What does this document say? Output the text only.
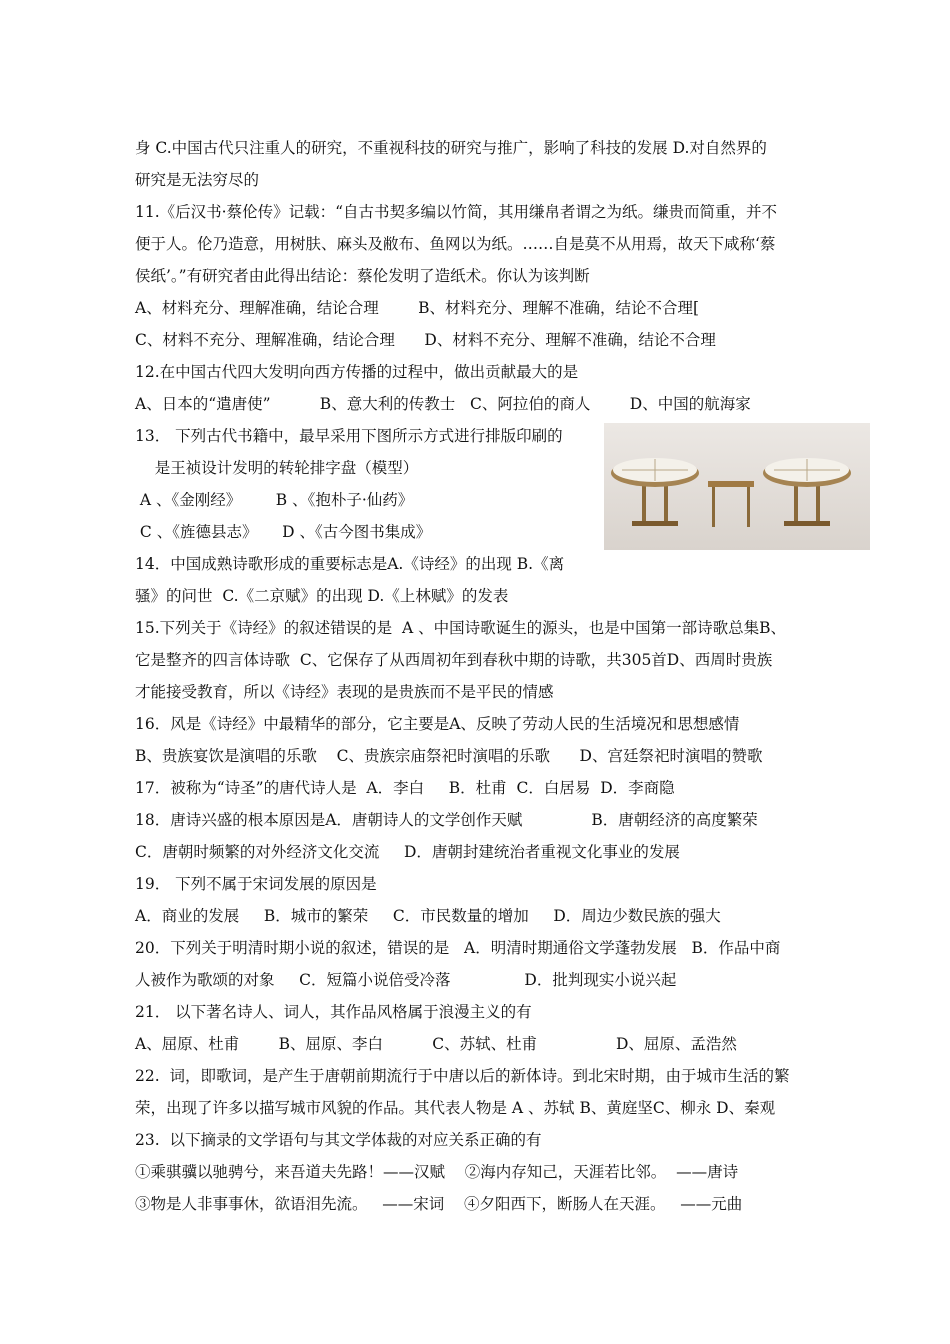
身 C.中国古代只注重人的研究，不重视科技的研究与推广，影响了科技的发展 D.对自然界的
研究是无法穷尽的
11.《后汉书·蔡伦传》记载：“自古书契多编以竹简，其用缣帛者谓之为纸。缣贵而简重，并不
便于人。伦乃造意，用树肤、麻头及敝布、鱼网以为纸。……自是莫不从用焉，故天下咸称‘蔡
侯纸’。”有研究者由此得出结论：蔡伦发明了造纸术。你认为该判断
A、材料充分、理解准确，结论合理        B、材料充分、理解不准确，结论不合理[
C、材料不充分、理解准确，结论合理      D、材料不充分、理解不准确，结论不合理
12.在中国古代四大发明向西方传播的过程中，做出贡献最大的是
A、日本的“遣唐使”          B、意大利的传教士   C、阿拉伯的商人        D、中国的航海家
13． 下列古代书籍中，最早采用下图所示方式进行排版印刷的
是王祯设计发明的转轮排字盘（模型）
A 、《金刚经》       B 、《抱朴子·仙药》
C 、《旌德县志》     D 、《古今图书集成》
14．中国成熟诗歌形成的重要标志是A.《诗经》的出现 B.《离
骚》的问世  C.《二京赋》的出现 D.《上林赋》的发表
15.下列关于《诗经》的叙述错误的是  A 、中国诗歌诞生的源头，也是中国第一部诗歌总集B、
它是整齐的四言体诗歌  C、它保存了从西周初年到春秋中期的诗歌，共305首D、西周时贵族
才能接受教育，所以《诗经》表现的是贵族而不是平民的情感
16．风是《诗经》中最精华的部分，它主要是A、反映了劳动人民的生活境况和思想感情
B、贵族宴饮是演唱的乐歌    C、贵族宗庙祭祀时演唱的乐歌      D、宫廷祭祀时演唱的赞歌
17．被称为“诗圣”的唐代诗人是  A．李白     B．杜甫  C．白居易  D．李商隐
18．唐诗兴盛的根本原因是A．唐朝诗人的文学创作天赋              B．唐朝经济的高度繁荣
C．唐朝时频繁的对外经济文化交流     D．唐朝封建统治者重视文化事业的发展
19． 下列不属于宋词发展的原因是
A．商业的发展     B．城市的繁荣     C．市民数量的增加     D．周边少数民族的强大
20．下列关于明清时期小说的叙述，错误的是   A．明清时期通俗文学蓬勃发展   B．作品中商
人被作为歌颂的对象     C．短篇小说倍受冷落               D．批判现实小说兴起
21． 以下著名诗人、词人，其作品风格属于浪漫主义的有
A、屈原、杜甫        B、屈原、李白          C、苏轼、杜甫                D、屈原、孟浩然
22.  词，即歌词，是产生于唐朝前期流行于中唐以后的新体诗。到北宋时期，由于城市生活的繁
荣，出现了许多以描写城市风貌的作品。其代表人物是 A 、苏轼 B、黄庭坚C、柳永 D、秦观
23.  以下摘录的文学语句与其文学体裁的对应关系正确的有
①乘骐骥以驰骋兮，来吾道夫先路！——汉赋    ②海内存知己，天涯若比邻。  ——唐诗
③物是人非事事休，欲语泪先流。   ——宋词    ④夕阳西下，断肠人在天涯。   ——元曲
